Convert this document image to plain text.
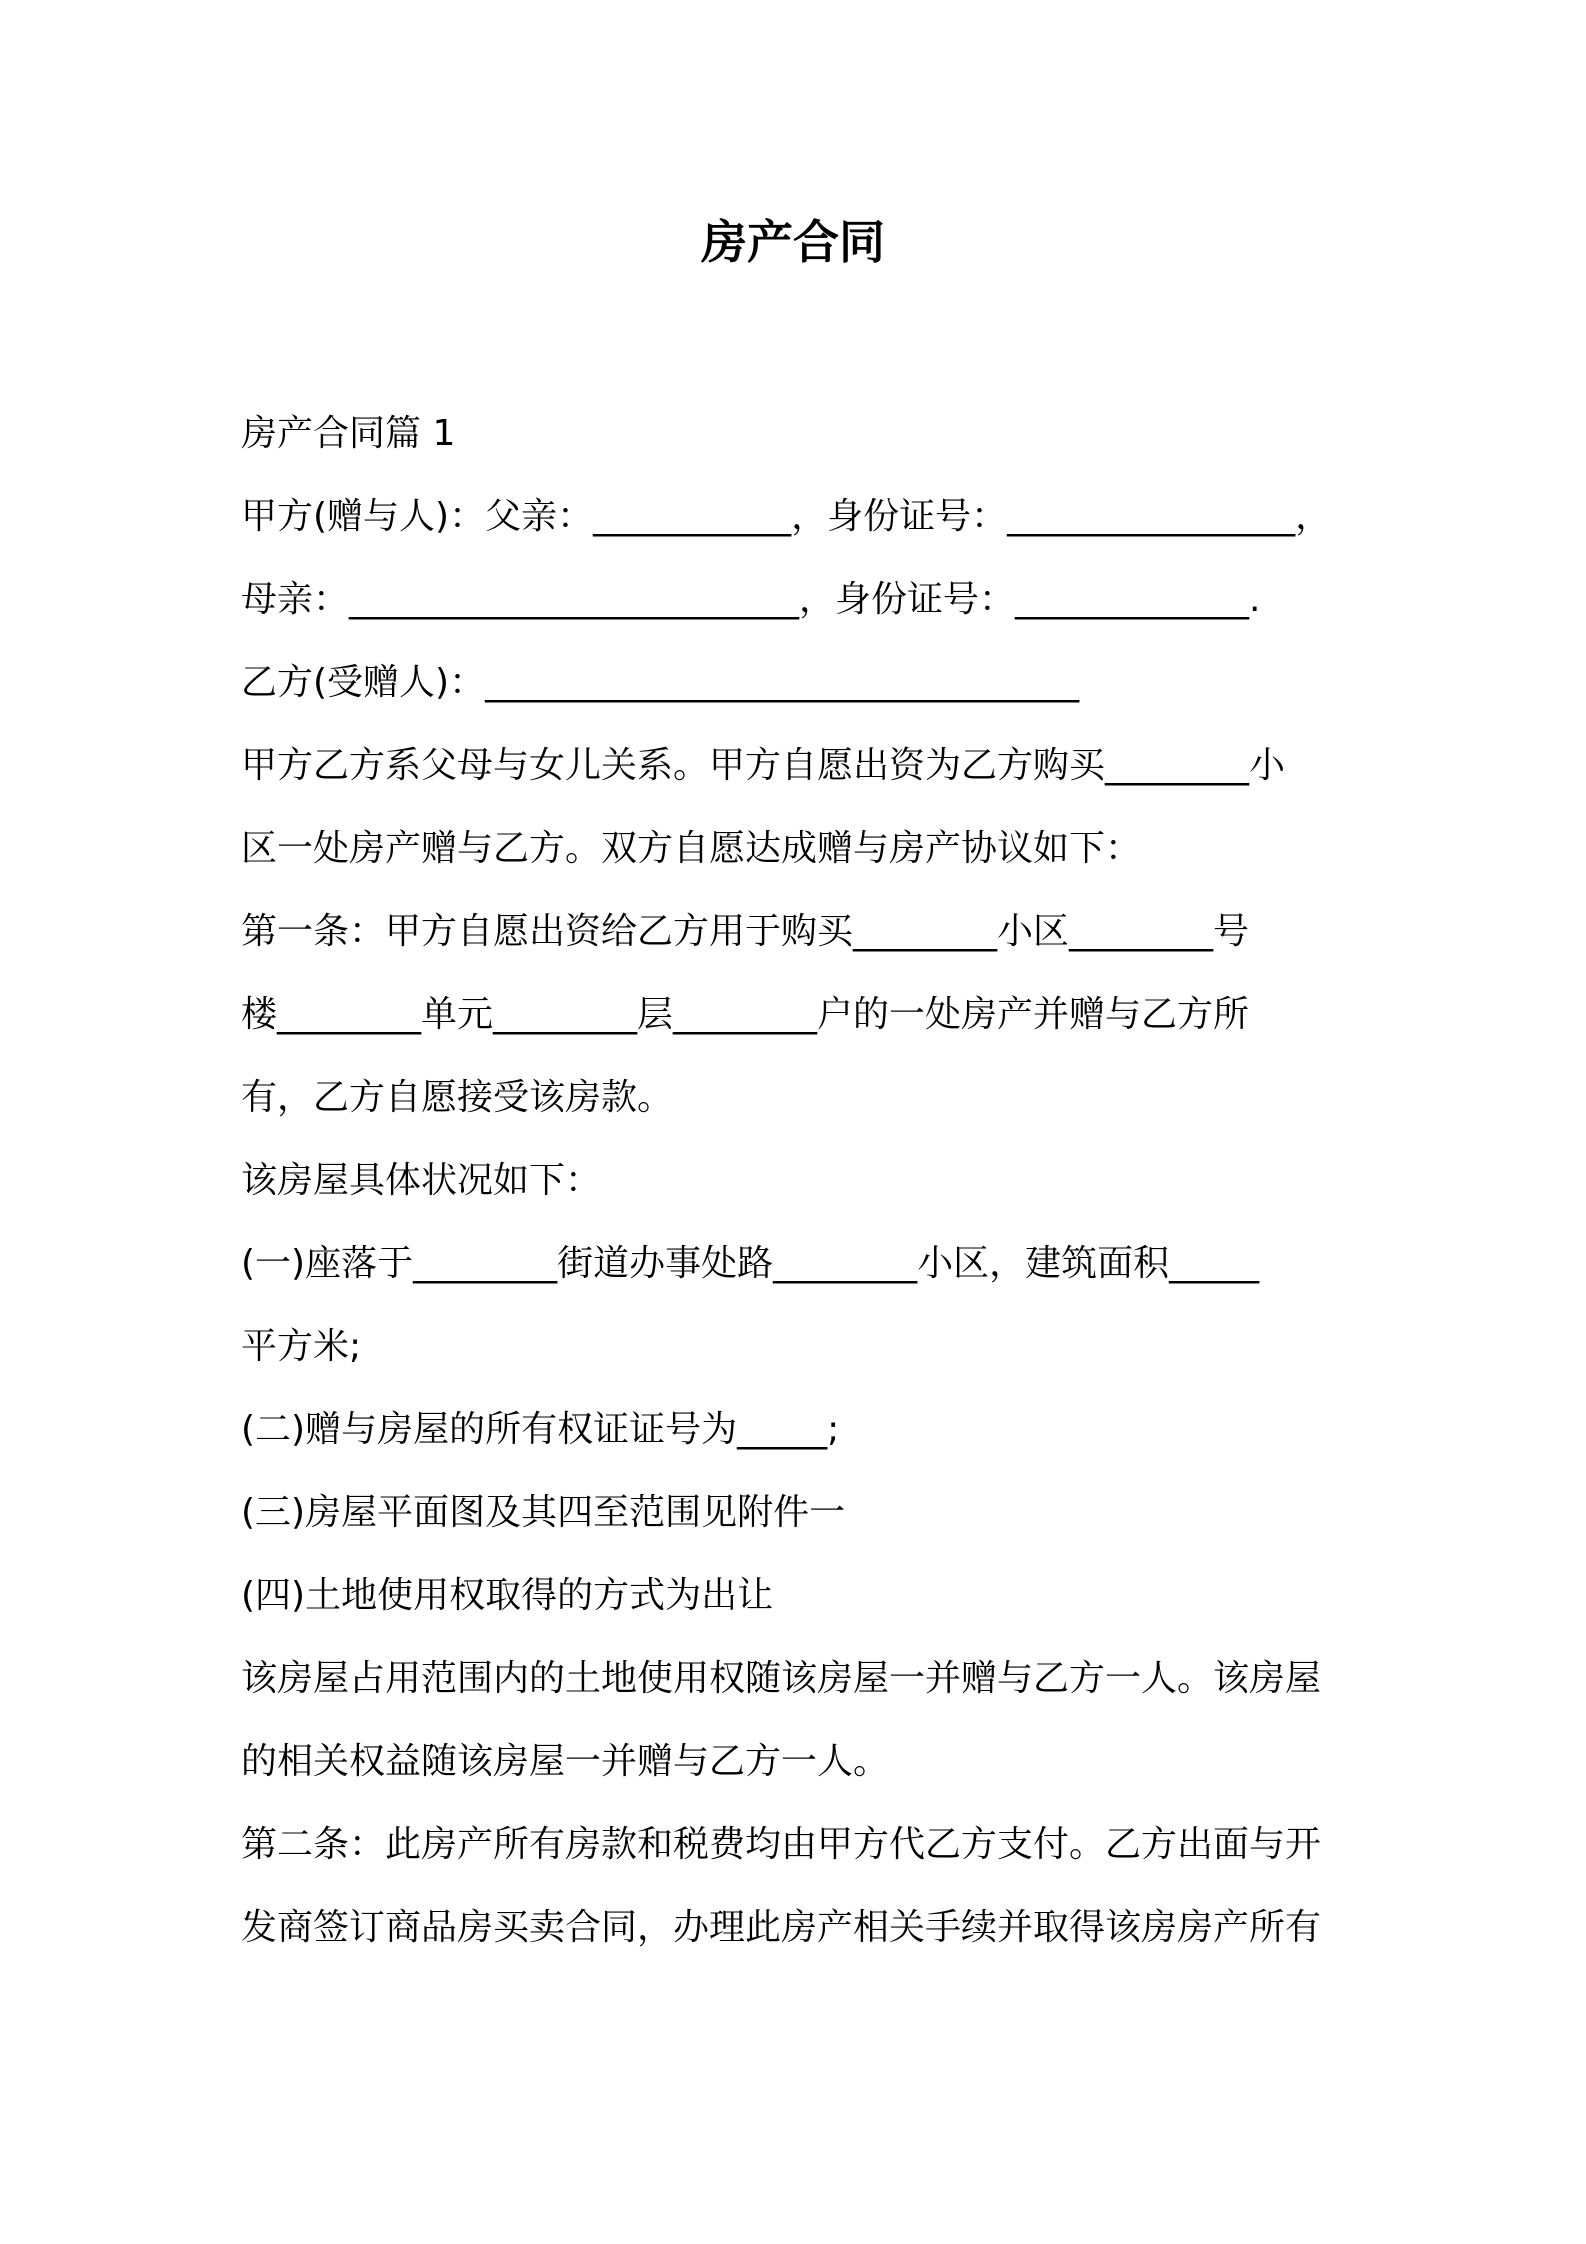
房产合同

房产合同篇 1

甲方(赠与人)：父亲：___________，身份证号：________________，

母亲：_________________________，身份证号：_____________.

乙方(受赠人)：_________________________________

甲方乙方系父母与女儿关系。甲方自愿出资为乙方购买________小

区一处房产赠与乙方。双方自愿达成赠与房产协议如下：

第一条：甲方自愿出资给乙方用于购买________小区________号

楼________单元________层________户的一处房产并赠与乙方所

有，乙方自愿接受该房款。

该房屋具体状况如下：

(一)座落于________街道办事处路________小区，建筑面积_____

平方米;

(二)赠与房屋的所有权证证号为_____;

(三)房屋平面图及其四至范围见附件一

(四)土地使用权取得的方式为出让

该房屋占用范围内的土地使用权随该房屋一并赠与乙方一人。该房屋

的相关权益随该房屋一并赠与乙方一人。

第二条：此房产所有房款和税费均由甲方代乙方支付。乙方出面与开

发商签订商品房买卖合同，办理此房产相关手续并取得该房房产所有
